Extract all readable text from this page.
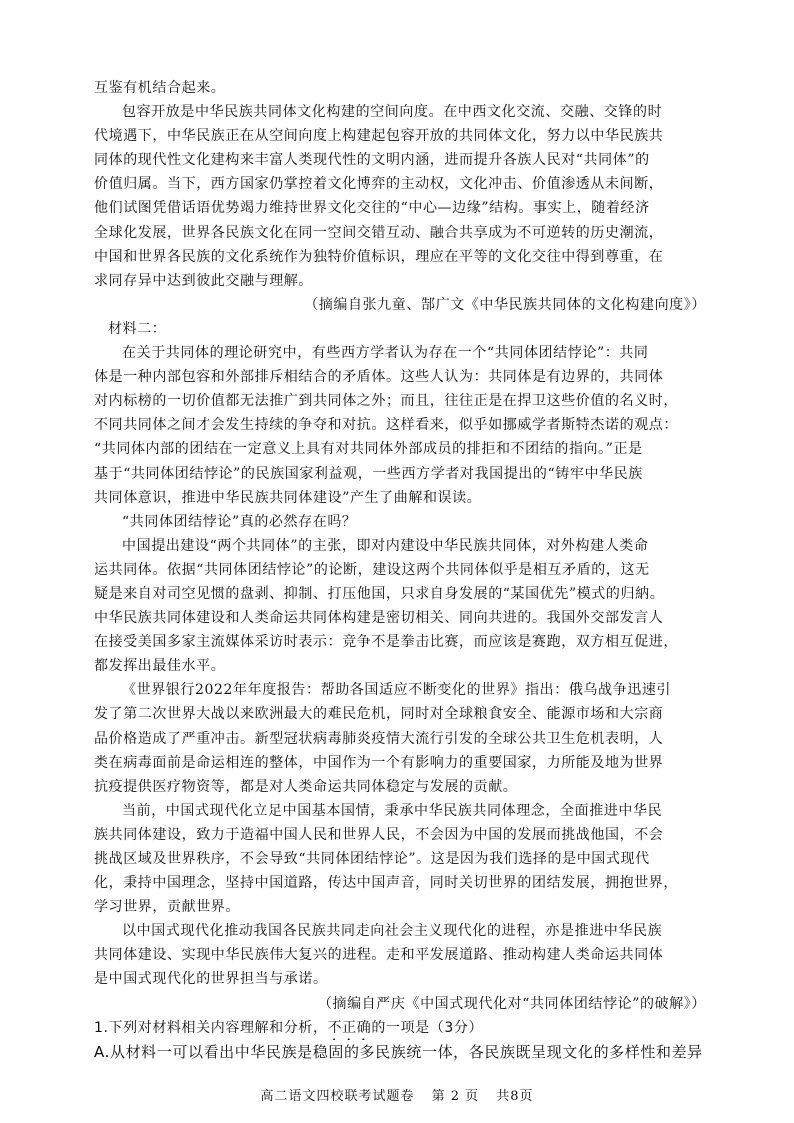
互鉴有机结合起来。
包容开放是中华民族共同体文化构建的空间向度。在中西文化交流、交融、交锋的时
代境遇下，中华民族正在从空间向度上构建起包容开放的共同体文化，努力以中华民族共
同体的现代性文化建构来丰富人类现代性的文明内涵，进而提升各族人民对“共同体”的
价值归属。当下，西方国家仍掌控着文化博弈的主动权，文化冲击、价值渗透从未间断，
他们试图凭借话语优势竭力维持世界文化交往的“中心—边缘”结构。事实上，随着经济
全球化发展，世界各民族文化在同一空间交错互动、融合共享成为不可逆转的历史潮流，
中国和世界各民族的文化系统作为独特价值标识，理应在平等的文化交往中得到尊重，在
求同存异中达到彼此交融与理解。
（摘编自张九童、郜广文《中华民族共同体的文化构建向度》）
材料二：
在关于共同体的理论研究中，有些西方学者认为存在一个“共同体团结悖论”：共同
体是一种内部包容和外部排斥相结合的矛盾体。这些人认为：共同体是有边界的，共同体
对内标榜的一切价值都无法推广到共同体之外；而且，往往正是在捍卫这些价值的名义时，
不同共同体之间才会发生持续的争夺和对抗。这样看来，似乎如挪威学者斯特杰诺的观点：
“共同体内部的团结在一定意义上具有对共同体外部成员的排拒和不团结的指向。”正是
基于“共同体团结悖论”的民族国家利益观，一些西方学者对我国提出的“铸牢中华民族
共同体意识，推进中华民族共同体建设”产生了曲解和误读。
“共同体团结悖论”真的必然存在吗？
中国提出建设“两个共同体”的主张，即对内建设中华民族共同体，对外构建人类命
运共同体。依据“共同体团结悖论”的论断，建设这两个共同体似乎是相互矛盾的，这无
疑是来自对司空见惯的盘剥、抑制、打压他国，只求自身发展的“某国优先”模式的归納。
中华民族共同体建设和人类命运共同体构建是密切相关、同向共进的。我国外交部发言人
在接受美国多家主流媒体采访时表示：竞争不是拳击比赛，而应该是赛跑，双方相互促进，
都发挥出最佳水平。
《世界银行2022年年度报告：帮助各国适应不断变化的世界》指出：俄乌战争迅速引
发了第二次世界大战以来欧洲最大的难民危机，同时对全球粮食安全、能源市场和大宗商
品价格造成了严重冲击。新型冠状病毒肺炎疫情大流行引发的全球公共卫生危机表明，人
类在病毒面前是命运相连的整体，中国作为一个有影响力的重要国家，力所能及地为世界
抗疫提供医疗物资等，都是对人类命运共同体稳定与发展的贡献。
当前，中国式现代化立足中国基本国情，秉承中华民族共同体理念，全面推进中华民
族共同体建设，致力于造福中国人民和世界人民，不会因为中国的发展而挑战他国，不会
挑战区域及世界秩序，不会导致“共同体团结悖论”。这是因为我们选择的是中国式现代
化，秉持中国理念，坚持中国道路，传达中国声音，同时关切世界的团结发展，拥抱世界，
学习世界，贡献世界。
以中国式现代化推动我国各民族共同走向社会主义现代化的进程，亦是推进中华民族
共同体建设、实现中华民族伟大复兴的进程。走和平发展道路、推动构建人类命运共同体
是中国式现代化的世界担当与承诺。
（摘编自严庆《中国式现代化对“共同体团结悖论”的破解》）
1.下列对材料相关内容理解和分析，不正确的一项是（3分）
A.从材料一可以看出中华民族是稳固的多民族统一体，各民族既呈现文化的多样性和差异
高二语文四校联考试题卷 第 2 页 共8页
